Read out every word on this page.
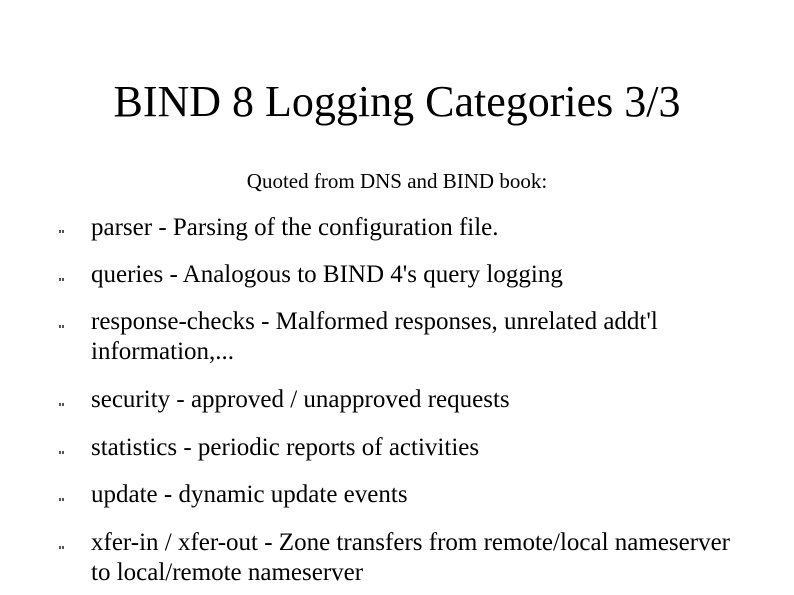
BIND 8 Logging Categories 3/3
Quoted from DNS and BIND book:
parser - Parsing of the configuration file.
queries - Analogous to BIND 4's query logging
response-checks - Malformed responses, unrelated addt'l information,...
security - approved / unapproved requests
statistics - periodic reports of activities
update - dynamic update events
xfer-in / xfer-out - Zone transfers from remote/local nameserver to local/remote nameserver
